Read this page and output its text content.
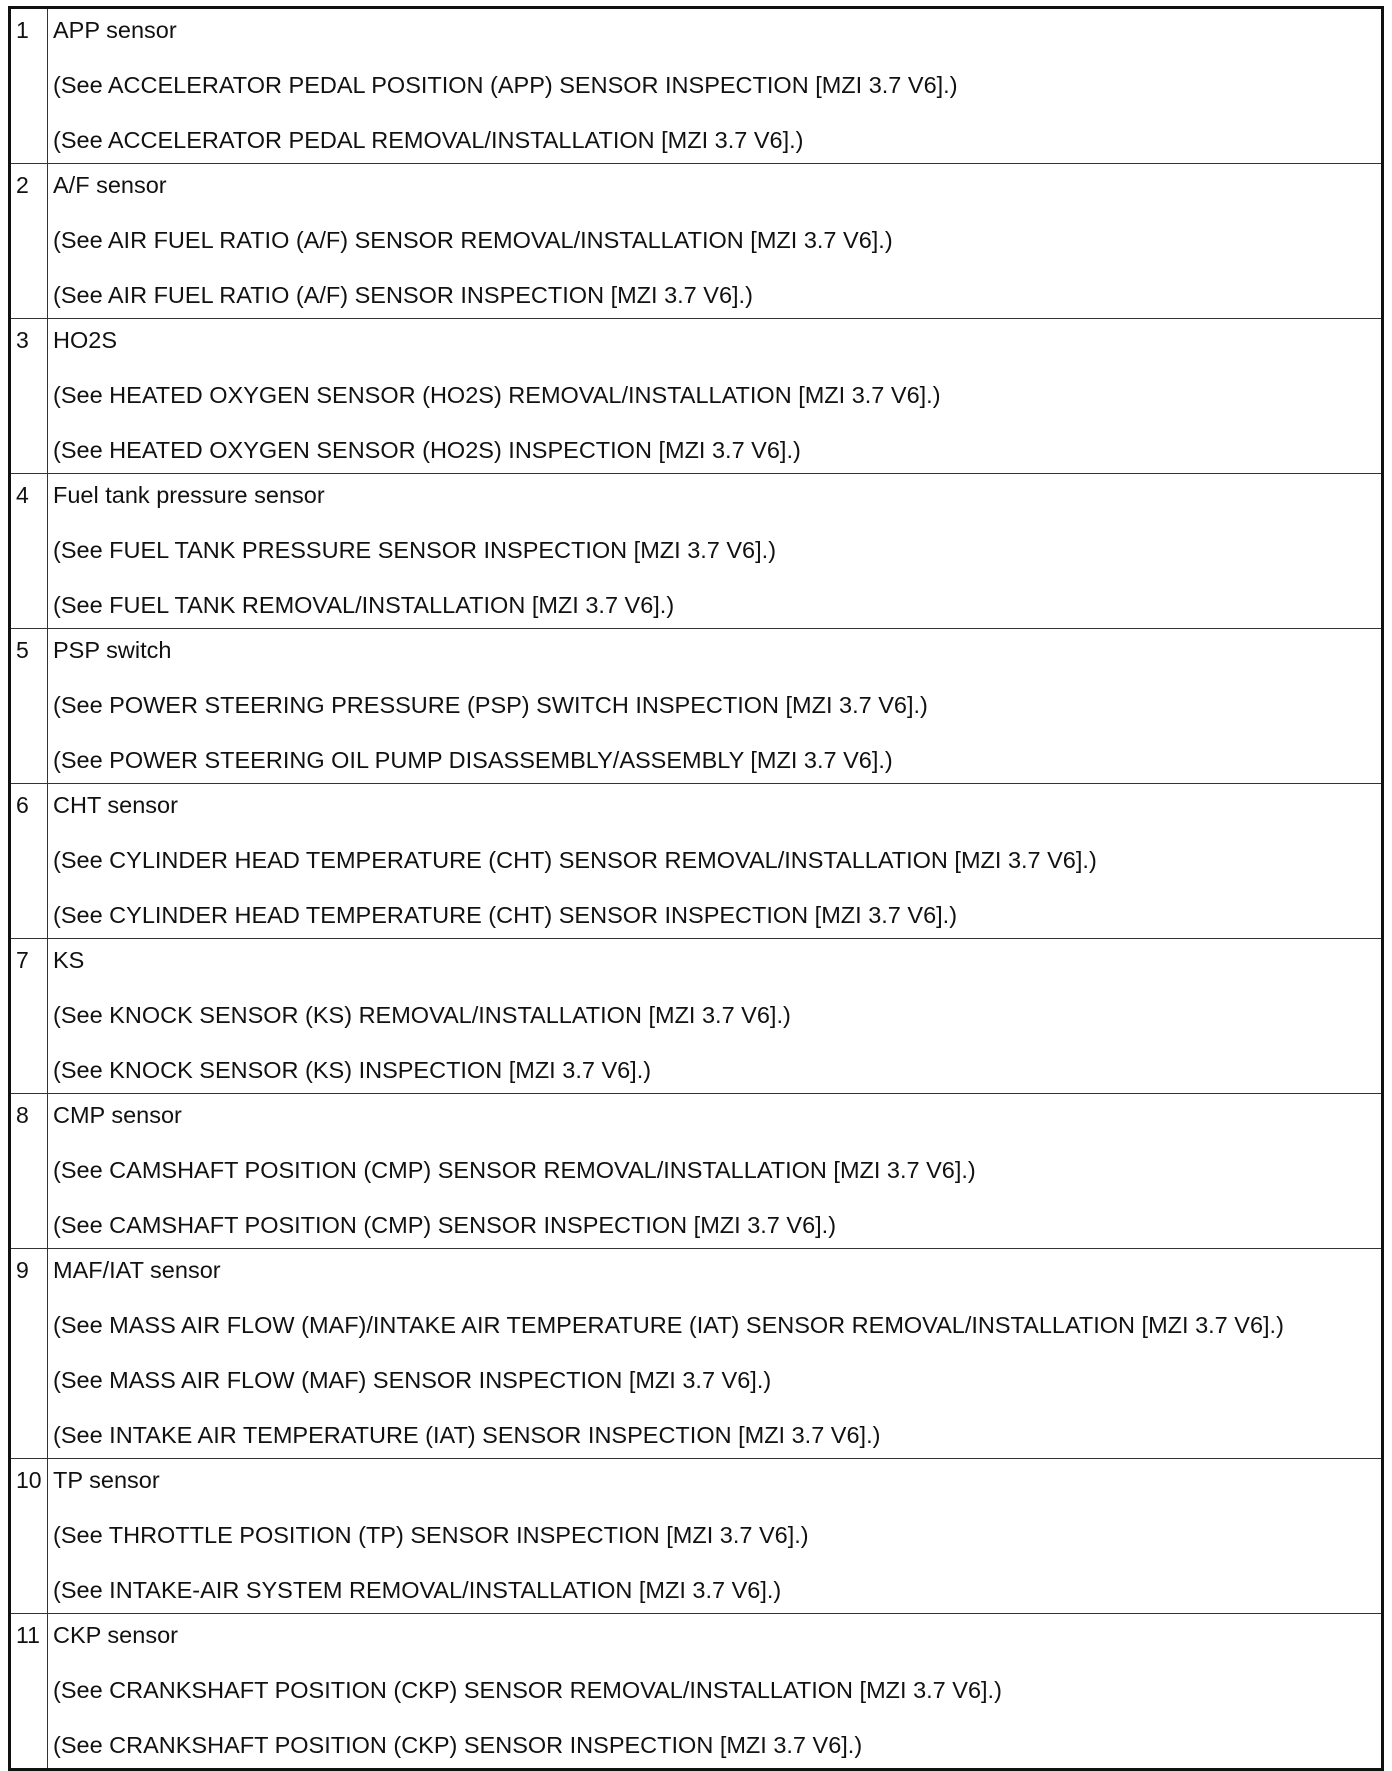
1	APP sensor
(See ACCELERATOR PEDAL POSITION (APP) SENSOR INSPECTION [MZI 3.7 V6].)
(See ACCELERATOR PEDAL REMOVAL/INSTALLATION [MZI 3.7 V6].)

2	A/F sensor
(See AIR FUEL RATIO (A/F) SENSOR REMOVAL/INSTALLATION [MZI 3.7 V6].)
(See AIR FUEL RATIO (A/F) SENSOR INSPECTION [MZI 3.7 V6].)

3	HO2S
(See HEATED OXYGEN SENSOR (HO2S) REMOVAL/INSTALLATION [MZI 3.7 V6].)
(See HEATED OXYGEN SENSOR (HO2S) INSPECTION [MZI 3.7 V6].)

4	Fuel tank pressure sensor
(See FUEL TANK PRESSURE SENSOR INSPECTION [MZI 3.7 V6].)
(See FUEL TANK REMOVAL/INSTALLATION [MZI 3.7 V6].)

5	PSP switch
(See POWER STEERING PRESSURE (PSP) SWITCH INSPECTION [MZI 3.7 V6].)
(See POWER STEERING OIL PUMP DISASSEMBLY/ASSEMBLY [MZI 3.7 V6].)

6	CHT sensor
(See CYLINDER HEAD TEMPERATURE (CHT) SENSOR REMOVAL/INSTALLATION [MZI 3.7 V6].)
(See CYLINDER HEAD TEMPERATURE (CHT) SENSOR INSPECTION [MZI 3.7 V6].)

7	KS
(See KNOCK SENSOR (KS) REMOVAL/INSTALLATION [MZI 3.7 V6].)
(See KNOCK SENSOR (KS) INSPECTION [MZI 3.7 V6].)

8	CMP sensor
(See CAMSHAFT POSITION (CMP) SENSOR REMOVAL/INSTALLATION [MZI 3.7 V6].)
(See CAMSHAFT POSITION (CMP) SENSOR INSPECTION [MZI 3.7 V6].)

9	MAF/IAT sensor
(See MASS AIR FLOW (MAF)/INTAKE AIR TEMPERATURE (IAT) SENSOR REMOVAL/INSTALLATION [MZI 3.7 V6].)
(See MASS AIR FLOW (MAF) SENSOR INSPECTION [MZI 3.7 V6].)
(See INTAKE AIR TEMPERATURE (IAT) SENSOR INSPECTION [MZI 3.7 V6].)

10	TP sensor
(See THROTTLE POSITION (TP) SENSOR INSPECTION [MZI 3.7 V6].)
(See INTAKE-AIR SYSTEM REMOVAL/INSTALLATION [MZI 3.7 V6].)

11	CKP sensor
(See CRANKSHAFT POSITION (CKP) SENSOR REMOVAL/INSTALLATION [MZI 3.7 V6].)
(See CRANKSHAFT POSITION (CKP) SENSOR INSPECTION [MZI 3.7 V6].)
